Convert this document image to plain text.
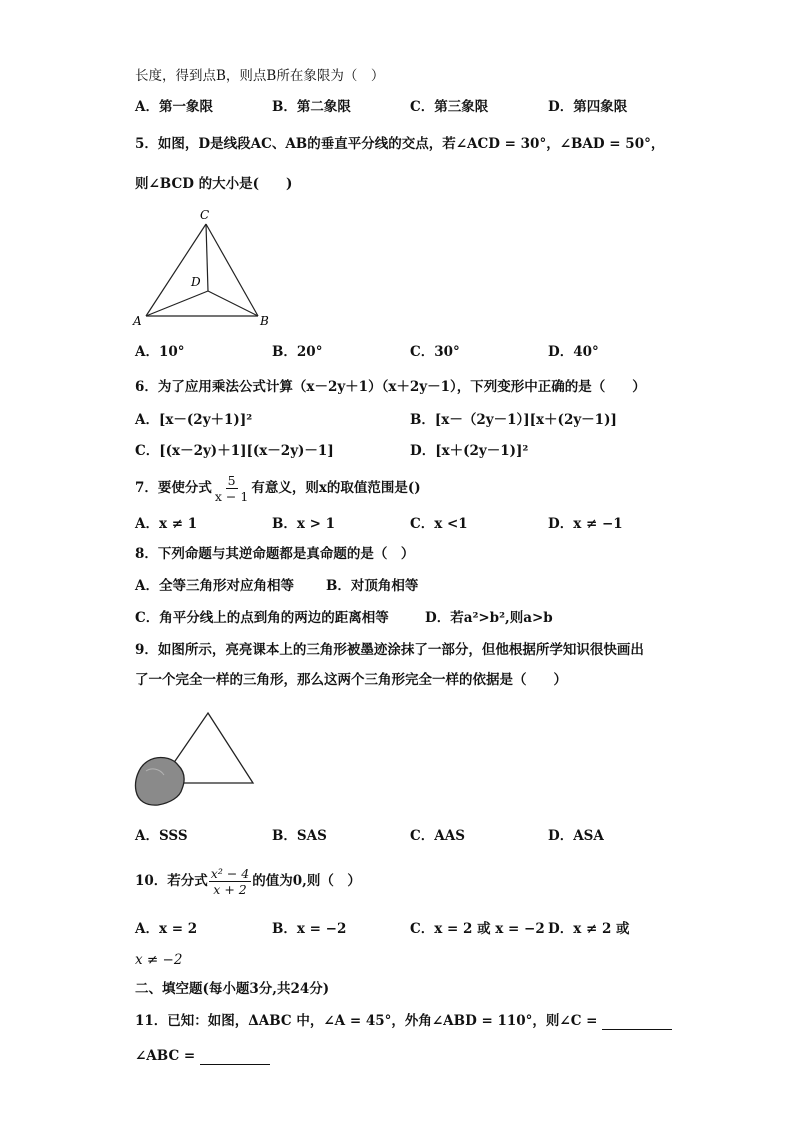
长度，得到点B，则点B所在象限为（　）
A．第一象限	B．第二象限	C．第三象限	D．第四象限
5．如图，D是线段AC、AB的垂直平分线的交点，若∠ACD = 30°，∠BAD = 50°，
则∠BCD 的大小是(　　)
C
D
A	B
A．10°	B．20°	C．30°	D．40°
6．为了应用乘法公式计算（x－2y＋1）（x＋2y－1），下列变形中正确的是（　　）
A．[x－(2y＋1)]²	B．[x－（2y－1）][x＋(2y－1)]
C．[(x－2y)＋1][(x－2y)－1]	D．[x＋(2y－1)]²
7．要使分式 $\frac{5}{x - 1}$ 有意义，则x的取值范围是()
A．x ≠ 1	B．x > 1	C．x <1	D．x ≠ −1
8．下列命题与其逆命题都是真命题的是（　）
A．全等三角形对应角相等 B．对顶角相等
C．角平分线上的点到角的两边的距离相等	D．若a²>b²,则a>b
9．如图所示，亮亮课本上的三角形被墨迹涂抹了一部分，但他根据所学知识很快画出
了一个完全一样的三角形，那么这两个三角形完全一样的依据是（　　）
A．SSS	B．SAS	C．AAS	D．ASA
10．若分式 $\frac{\text{x² − 4}}{x + 2}$ 的值为0,则（　）
A．x = 2	B．x = −2	C．x = 2 或 x = −2 D．x ≠ 2 或
x ≠ −2
二、填空题(每小题3分,共24分)
11．已知：如图，ΔABC 中，∠A = 45°，外角∠ABD = 110°，则∠C =
∠ABC =
